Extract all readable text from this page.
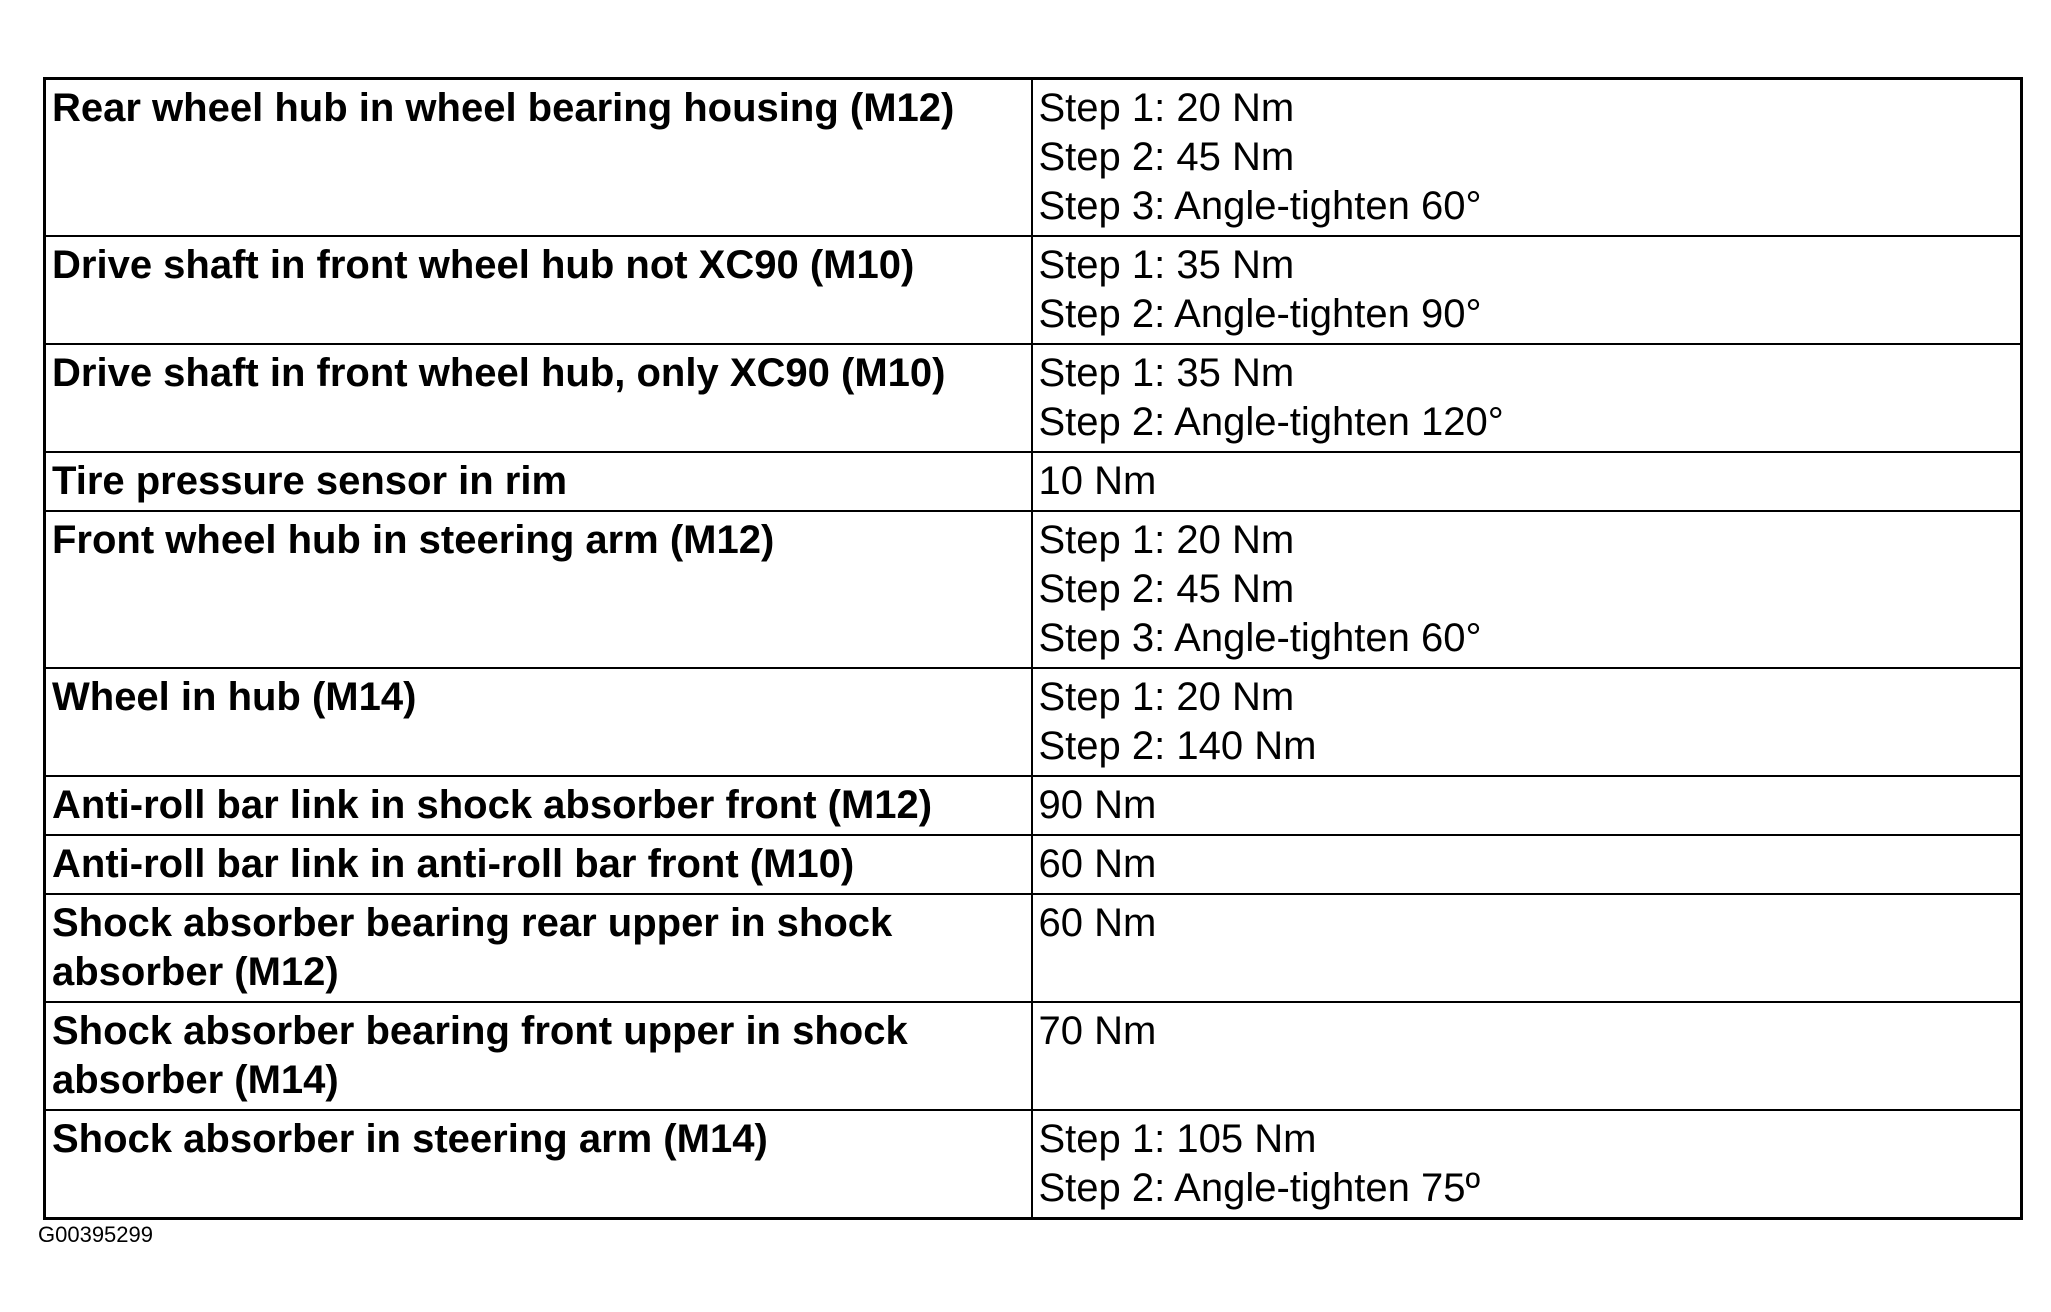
Rear wheel hub in wheel bearing housing (M12)	Step 1: 20 Nm
Step 2: 45 Nm
Step 3: Angle-tighten 60°

Drive shaft in front wheel hub not XC90 (M10)	Step 1: 35 Nm
Step 2: Angle-tighten 90°

Drive shaft in front wheel hub, only XC90 (M10)	Step 1: 35 Nm
Step 2: Angle-tighten 120°

Tire pressure sensor in rim	10 Nm

Front wheel hub in steering arm (M12)	Step 1: 20 Nm
Step 2: 45 Nm
Step 3: Angle-tighten 60°

Wheel in hub (M14)	Step 1: 20 Nm
Step 2: 140 Nm

Anti-roll bar link in shock absorber front (M12)	90 Nm

Anti-roll bar link in anti-roll bar front (M10)	60 Nm

Shock absorber bearing rear upper in shock absorber (M12)	60 Nm

Shock absorber bearing front upper in shock absorber (M14)	70 Nm

Shock absorber in steering arm (M14)	Step 1: 105 Nm
Step 2: Angle-tighten 75º
G00395299
